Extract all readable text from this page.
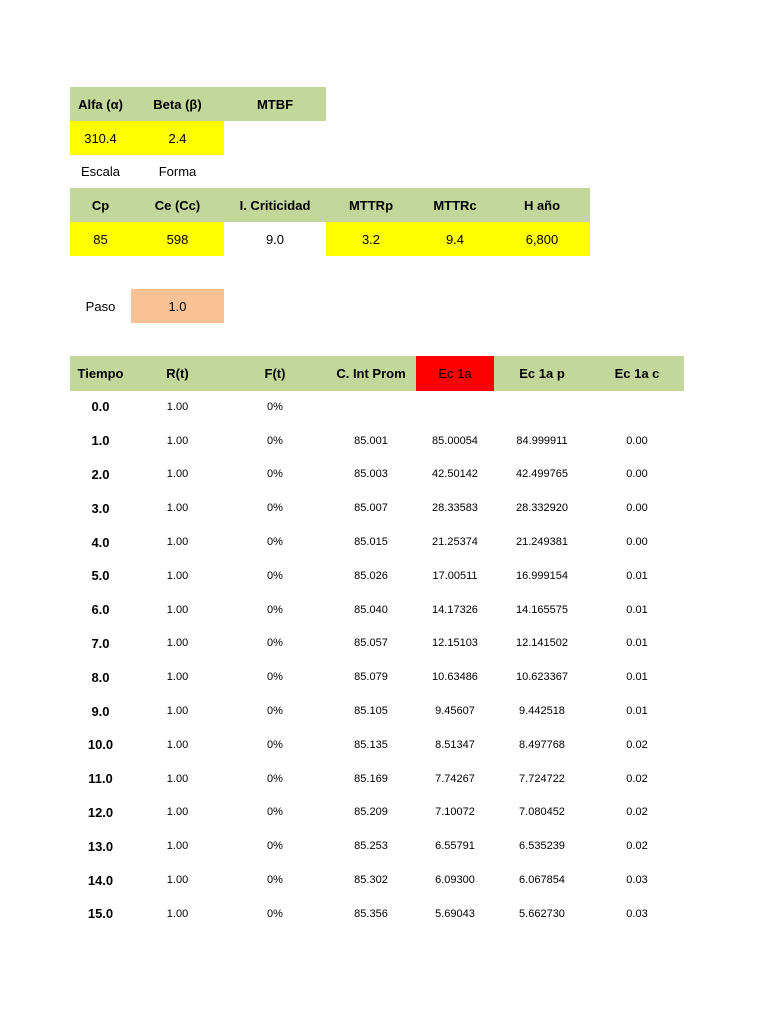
Alfa (α)	Beta (β)	MTBF
310.4	2.4
Escala	Forma
Cp	Ce (Cc)	I. Criticidad	MTTRp	MTTRc	H año
85	598	9.0	3.2	9.4	6,800
Paso	1.0
Tiempo	R(t)	F(t)	C. Int Prom	Ec 1a	Ec 1a p	Ec 1a c
0.0	1.00	0%
1.0	1.00	0%	85.001	85.00054	84.999911	0.00
2.0	1.00	0%	85.003	42.50142	42.499765	0.00
3.0	1.00	0%	85.007	28.33583	28.332920	0.00
4.0	1.00	0%	85.015	21.25374	21.249381	0.00
5.0	1.00	0%	85.026	17.00511	16.999154	0.01
6.0	1.00	0%	85.040	14.17326	14.165575	0.01
7.0	1.00	0%	85.057	12.15103	12.141502	0.01
8.0	1.00	0%	85.079	10.63486	10.623367	0.01
9.0	1.00	0%	85.105	9.45607	9.442518	0.01
10.0	1.00	0%	85.135	8.51347	8.497768	0.02
11.0	1.00	0%	85.169	7.74267	7.724722	0.02
12.0	1.00	0%	85.209	7.10072	7.080452	0.02
13.0	1.00	0%	85.253	6.55791	6.535239	0.02
14.0	1.00	0%	85.302	6.09300	6.067854	0.03
15.0	1.00	0%	85.356	5.69043	5.662730	0.03
